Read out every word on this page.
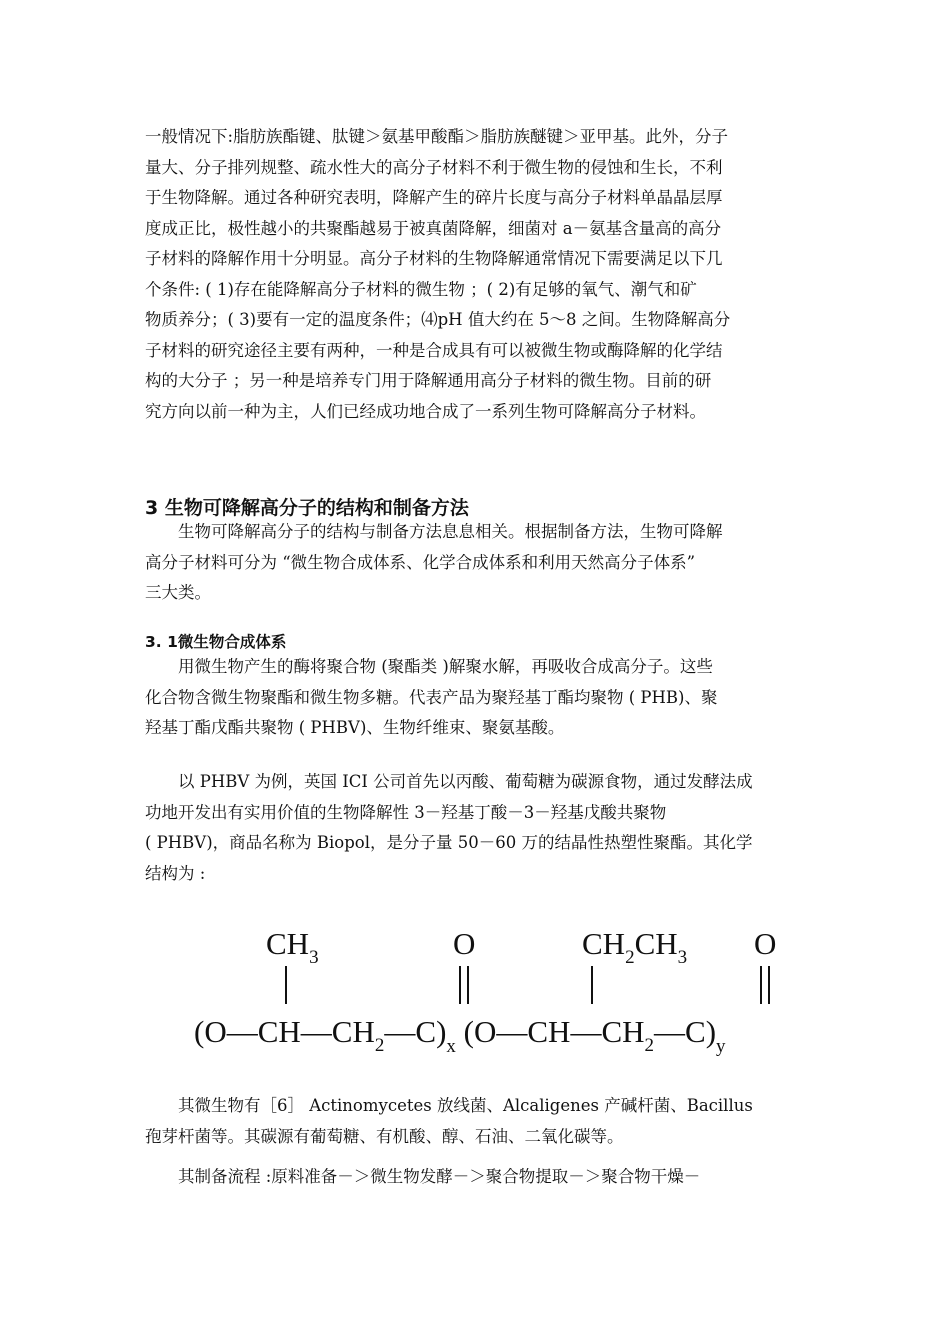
一般情况下:脂肪族酯键、肽键＞氨基甲酸酯＞脂肪族醚键＞亚甲基。此外，分子
量大、分子排列规整、疏水性大的高分子材料不利于微生物的侵蚀和生长，不利
于生物降解。通过各种研究表明，降解产生的碎片长度与高分子材料单晶晶层厚
度成正比，极性越小的共聚酯越易于被真菌降解，细菌对 a－氨基含量高的高分
子材料的降解作用十分明显。高分子材料的生物降解通常情况下需要满足以下几
个条件: ( 1)存在能降解高分子材料的微生物 ；( 2)有足够的氧气、潮气和矿
物质养分；( 3)要有一定的温度条件；⑷pH 值大约在 5～8 之间。生物降解高分
子材料的研究途径主要有两种，一种是合成具有可以被微生物或酶降解的化学结
构的大分子 ；另一种是培养专门用于降解通用高分子材料的微生物。目前的研
究方向以前一种为主，人们已经成功地合成了一系列生物可降解高分子材料。
3 生物可降解高分子的结构和制备方法
　　生物可降解高分子的结构与制备方法息息相关。根据制备方法，生物可降解
高分子材料可分为 “微生物合成体系、化学合成体系和利用天然高分子体系”
三大类。
3. 1微生物合成体系
　　用微生物产生的酶将聚合物 (聚酯类 )解聚水解，再吸收合成高分子。这些
化合物含微生物聚酯和微生物多糖。代表产品为聚羟基丁酯均聚物 ( PHB)、聚
羟基丁酯戊酯共聚物 ( PHBV)、生物纤维束、聚氨基酸。
　　以 PHBV 为例，英国 ICI 公司首先以丙酸、葡萄糖为碳源食物，通过发酵法成
功地开发出有实用价值的生物降解性 3－羟基丁酸－3－羟基戊酸共聚物
( PHBV)，商品名称为 Biopol，是分子量 50－60 万的结晶性热塑性聚酯。其化学
结构为 :
$CH_3$	O	$CH_2CH_3$ O
$(O—CH—CH_2—C)_x$ $(O—CH—CH_2—C)_y$
　　其微生物有［6］ Actinomycetes 放线菌、Alcaligenes 产碱杆菌、Bacillus
孢芽杆菌等。其碳源有葡萄糖、有机酸、醇、石油、二氧化碳等。
　　其制备流程 :原料准备－＞微生物发酵－＞聚合物提取－＞聚合物干燥－
